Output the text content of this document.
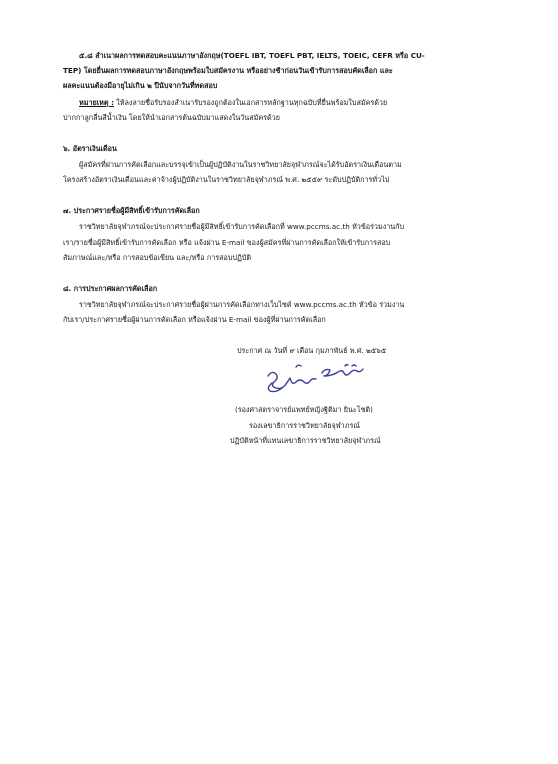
๕.๘ สำเนาผลการทดสอบคะแนนภาษาอังกฤษ(TOEFL IBT, TOEFL PBT, IELTS, TOEIC, CEFR หรือ CU-

TEP) โดยยื่นผลการทดสอบภาษาอังกฤษพร้อมใบสมัครงาน หรืออย่างช้าก่อนวันเข้ารับการสอบคัดเลือก และ

ผลคะแนนต้องมีอายุไม่เกิน ๒ ปีนับจากวันที่ทดสอบ

หมายเหตุ : ให้ลงลายชื่อรับรองสำเนารับรองถูกต้องในเอกสารหลักฐานทุกฉบับที่ยื่นพร้อมใบสมัครด้วย

ปากกาลูกลื่นสีน้ำเงิน โดยให้นำเอกสารต้นฉบับมาแสดงในวันสมัครด้วย

๖. อัตราเงินเดือน

ผู้สมัครที่ผ่านการคัดเลือกและบรรจุเข้าเป็นผู้ปฏิบัติงานในราชวิทยาลัยจุฬาภรณ์จะได้รับอัตราเงินเดือนตาม

โครงสร้างอัตราเงินเดือนและค่าจ้างผู้ปฏิบัติงานในราชวิทยาลัยจุฬาภรณ์ พ.ศ. ๒๕๕๙ ระดับปฏิบัติการทั่วไป

๗. ประกาศรายชื่อผู้มีสิทธิ์เข้ารับการคัดเลือก

ราชวิทยาลัยจุฬาภรณ์จะประกาศรายชื่อผู้มีสิทธิ์เข้ารับการคัดเลือกที่ www.pccms.ac.th หัวข้อร่วมงานกับ

เรา/รายชื่อผู้มีสิทธิ์เข้ารับการคัดเลือก หรือ แจ้งผ่าน E-mail ของผู้สมัครที่ผ่านการคัดเลือกให้เข้ารับการสอบ

สัมภาษณ์และ/หรือ การสอบข้อเขียน และ/หรือ การสอบปฏิบัติ

๘. การประกาศผลการคัดเลือก

ราชวิทยาลัยจุฬาภรณ์จะประกาศรายชื่อผู้ผ่านการคัดเลือกทางเว็บไซต์ www.pccms.ac.th หัวข้อ ร่วมงาน

กับเรา/ประกาศรายชื่อผู้ผ่านการคัดเลือก หรือแจ้งผ่าน E-mail ของผู้ที่ผ่านการคัดเลือก

ประกาศ ณ วันที่ ๙ เดือน กุมภาพันธ์ พ.ศ. ๒๕๖๕

(รองศาสตราจารย์แพทย์หญิงฐิติมา ยินะโชติ)

รองเลขาธิการราชวิทยาลัยจุฬาภรณ์

ปฏิบัติหน้าที่แทนเลขาธิการราชวิทยาลัยจุฬาภรณ์
